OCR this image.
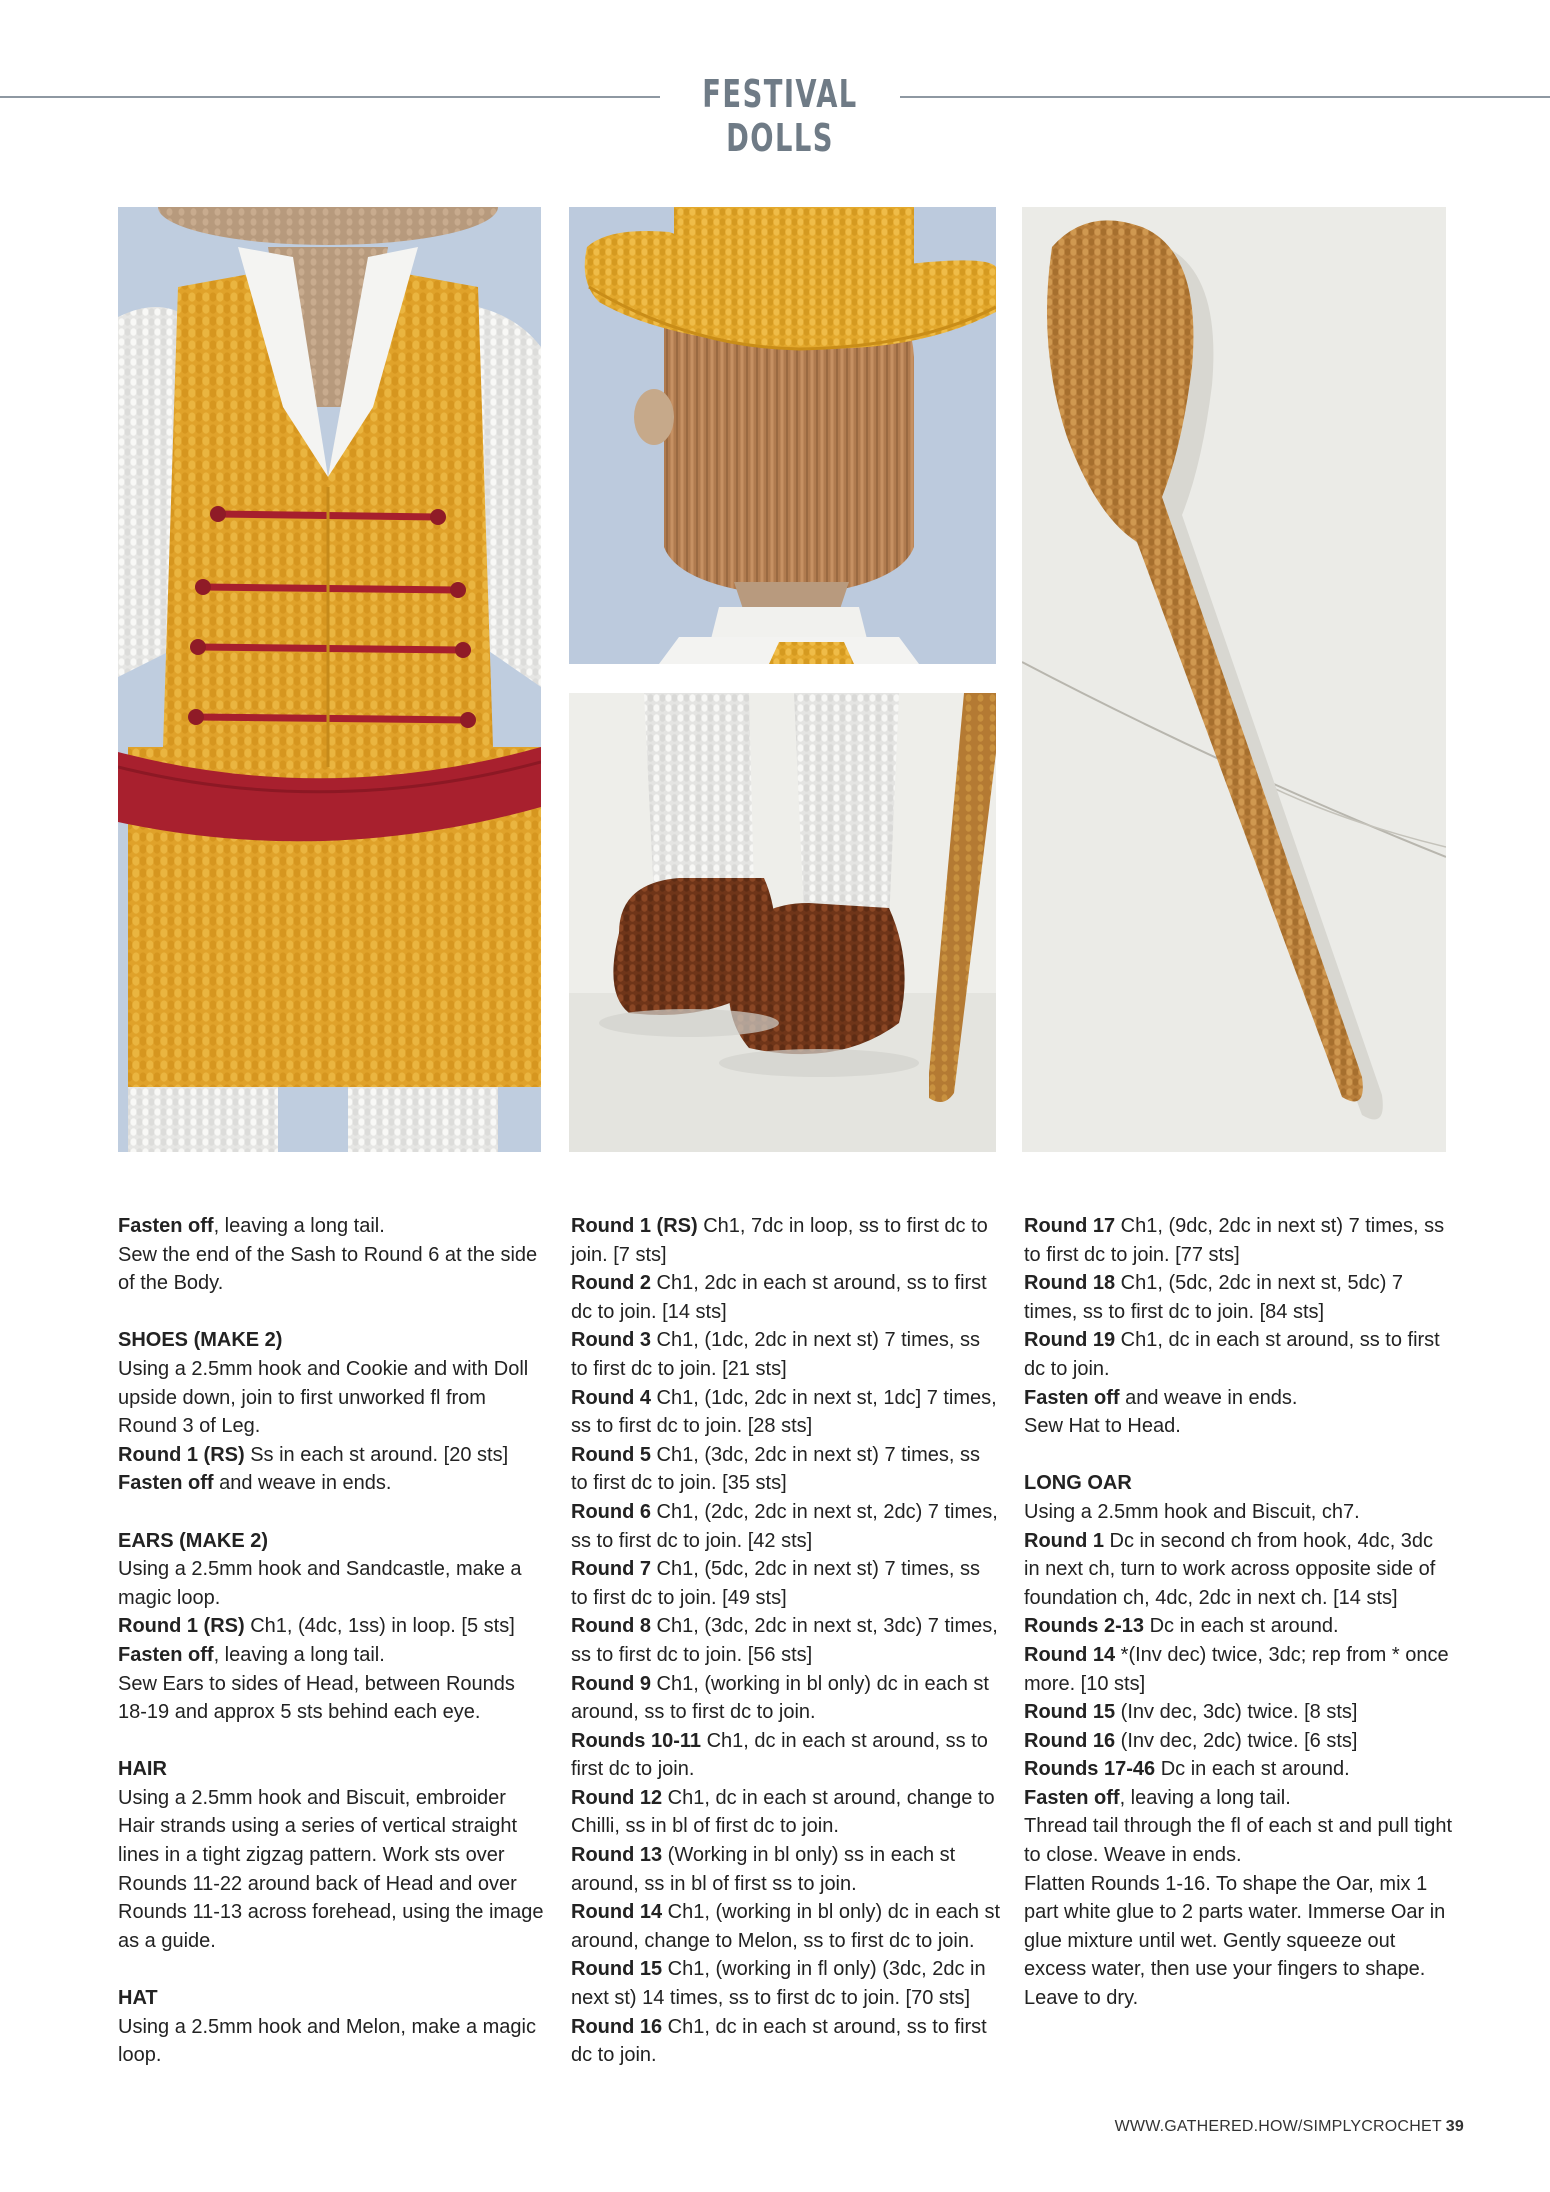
FESTIVAL DOLLS

Fasten off, leaving a long tail.

Sew the end of the Sash to Round 6 at the side of the Body.

SHOES (MAKE 2)

Using a 2.5mm hook and Cookie and with Doll upside down, join to first unworked fl from Round 3 of Leg.

Round 1 (RS) Ss in each st around. [20 sts]

Fasten off and weave in ends.

EARS (MAKE 2)

Using a 2.5mm hook and Sandcastle, make a magic loop.

Round 1 (RS) Ch1, (4dc, 1ss) in loop. [5 sts]

Fasten off, leaving a long tail.

Sew Ears to sides of Head, between Rounds 18-19 and approx 5 sts behind each eye.

HAIR

Using a 2.5mm hook and Biscuit, embroider Hair strands using a series of vertical straight lines in a tight zigzag pattern. Work sts over Rounds 11-22 around back of Head and over Rounds 11-13 across forehead, using the image as a guide.

HAT

Using a 2.5mm hook and Melon, make a magic loop.

Round 1 (RS) Ch1, 7dc in loop, ss to first dc to join. [7 sts]

Round 2 Ch1, 2dc in each st around, ss to first dc to join. [14 sts]

Round 3 Ch1, (1dc, 2dc in next st) 7 times, ss to first dc to join. [21 sts]

Round 4 Ch1, (1dc, 2dc in next st, 1dc] 7 times, ss to first dc to join. [28 sts]

Round 5 Ch1, (3dc, 2dc in next st) 7 times, ss to first dc to join. [35 sts]

Round 6 Ch1, (2dc, 2dc in next st, 2dc) 7 times, ss to first dc to join. [42 sts]

Round 7 Ch1, (5dc, 2dc in next st) 7 times, ss to first dc to join. [49 sts]

Round 8 Ch1, (3dc, 2dc in next st, 3dc) 7 times, ss to first dc to join. [56 sts]

Round 9 Ch1, (working in bl only) dc in each st around, ss to first dc to join.

Rounds 10-11 Ch1, dc in each st around, ss to first dc to join.

Round 12 Ch1, dc in each st around, change to Chilli, ss in bl of first dc to join.

Round 13 (Working in bl only) ss in each st around, ss in bl of first ss to join.

Round 14 Ch1, (working in bl only) dc in each st around, change to Melon, ss to first dc to join.

Round 15 Ch1, (working in fl only) (3dc, 2dc in next st) 14 times, ss to first dc to join. [70 sts]

Round 16 Ch1, dc in each st around, ss to first dc to join.

Round 17 Ch1, (9dc, 2dc in next st) 7 times, ss to first dc to join. [77 sts]

Round 18 Ch1, (5dc, 2dc in next st, 5dc) 7 times, ss to first dc to join. [84 sts]

Round 19 Ch1, dc in each st around, ss to first dc to join.

Fasten off and weave in ends.

Sew Hat to Head.

LONG OAR

Using a 2.5mm hook and Biscuit, ch7.

Round 1 Dc in second ch from hook, 4dc, 3dc in next ch, turn to work across opposite side of foundation ch, 4dc, 2dc in next ch. [14 sts]

Rounds 2-13 Dc in each st around.

Round 14 *(Inv dec) twice, 3dc; rep from * once more. [10 sts]

Round 15 (Inv dec, 3dc) twice. [8 sts]

Round 16 (Inv dec, 2dc) twice. [6 sts]

Rounds 17-46 Dc in each st around.

Fasten off, leaving a long tail.

Thread tail through the fl of each st and pull tight to close. Weave in ends.

Flatten Rounds 1-16. To shape the Oar, mix 1 part white glue to 2 parts water. Immerse Oar in glue mixture until wet. Gently squeeze out excess water, then use your fingers to shape. Leave to dry.

WWW.GATHERED.HOW/SIMPLYCROCHET 39
